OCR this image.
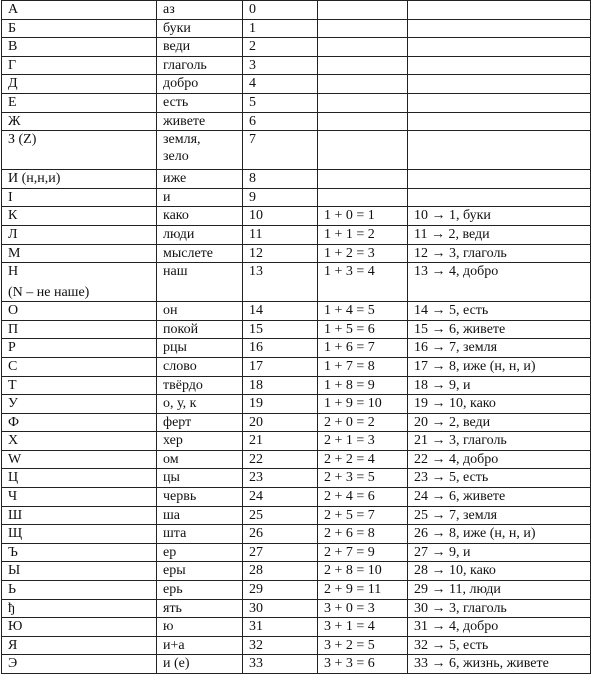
А	аз	0		

Б	буки	1		

В	веди	2		

Г	глаголь	3		

Д	добро	4		

Е	есть	5		

Ж	живете	6		

З (Z)	земля,
зело	7		

И (н,н,и)	иже	8		

I	и	9		

К	како	10	1 + 0 = 1	10 → 1, буки

Л	люди	11	1 + 1 = 2	11 → 2, веди

М	мыслете	12	1 + 2 = 3	12 → 3, глаголь

Н
(N – не наше)	наш	13	1 + 3 = 4	13 → 4, добро

О	он	14	1 + 4 = 5	14 → 5, есть

П	покой	15	1 + 5 = 6	15 → 6, живете

Р	рцы	16	1 + 6 = 7	16 → 7, земля

С	слово	17	1 + 7 = 8	17 → 8, иже (н, н, и)

Т	твёрдо	18	1 + 8 = 9	18 → 9, и

У	о, у, к	19	1 + 9 = 10	19 → 10, како

Ф	ферт	20	2 + 0 = 2	20 → 2, веди

Х	хер	21	2 + 1 = 3	21 → 3, глаголь

W	ом	22	2 + 2 = 4	22 → 4, добро

Ц	цы	23	2 + 3 = 5	23 → 5, есть

Ч	червь	24	2 + 4 = 6	24 → 6, живете

Ш	ша	25	2 + 5 = 7	25 → 7, земля

Щ	шта	26	2 + 6 = 8	26 → 8, иже (н, н, и)

Ъ	ер	27	2 + 7 = 9	27 → 9, и

Ы	еры	28	2 + 8 = 10	28 → 10, како

Ь	ерь	29	2 + 9 = 11	29 → 11, люди

ђ	ять	30	3 + 0 = 3	30 → 3, глаголь

Ю	ю	31	3 + 1 = 4	31 → 4, добро

Я	и+а	32	3 + 2 = 5	32 → 5, есть

Э	и (е)	33	3 + 3 = 6	33 → 6, жизнь, живете
